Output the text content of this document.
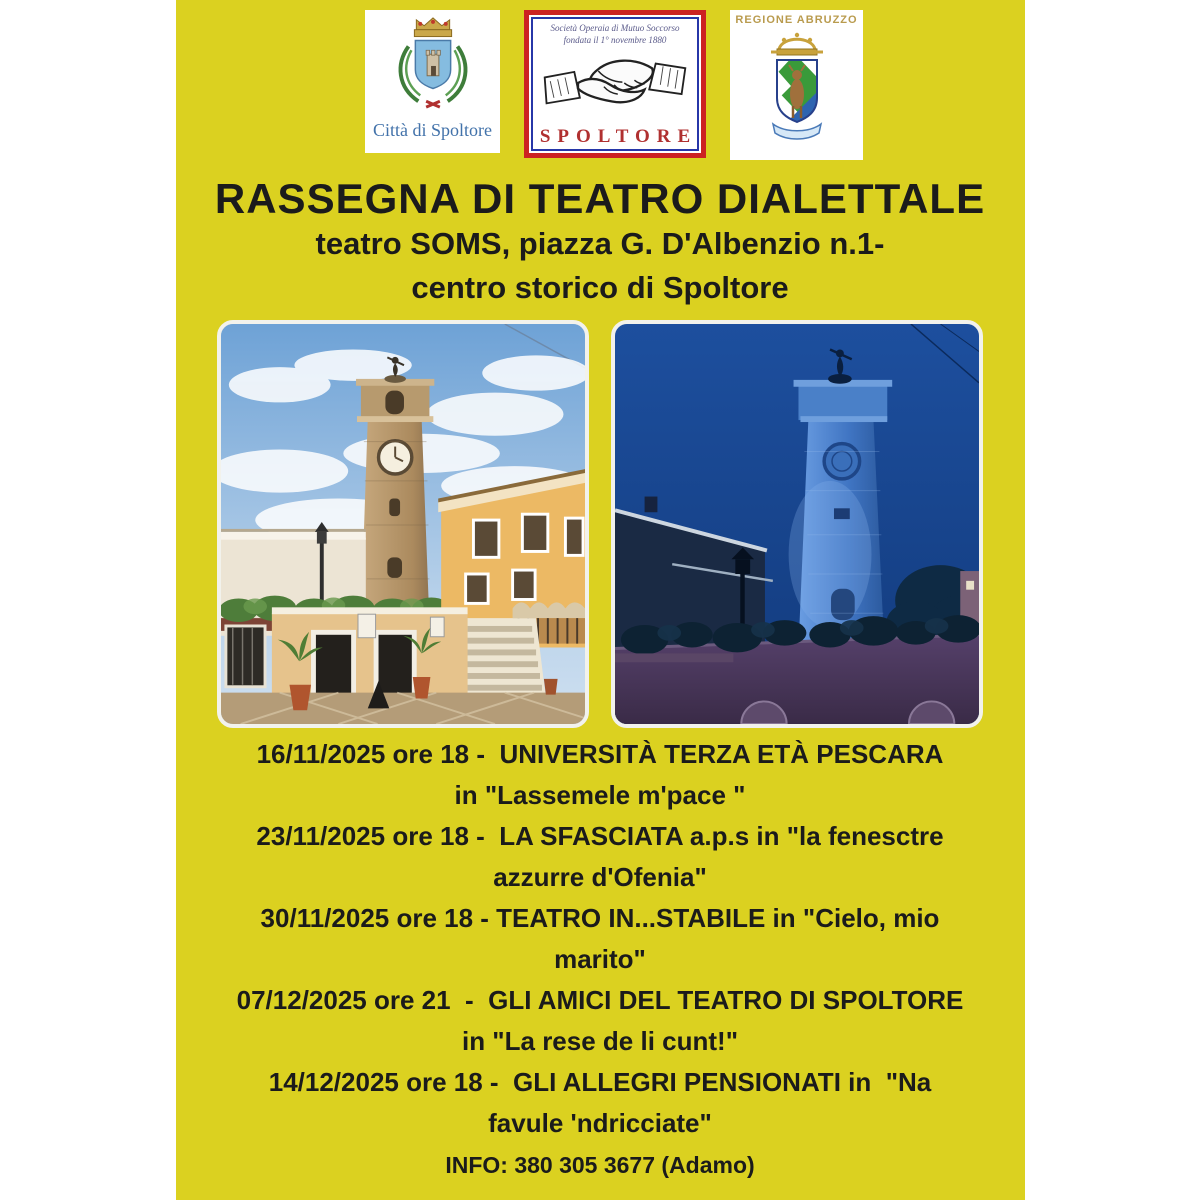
Città di Spoltore
Società Operaia di Mutuo Soccorso
fondata il 1° novembre 1880
SPOLTORE
REGIONE ABRUZZO
RASSEGNA DI TEATRO DIALETTALE
teatro SOMS, piazza G. D'Albenzio n.1-
centro storico di Spoltore
16/11/2025 ore 18 -  UNIVERSITÀ TERZA ETÀ PESCARA
in "Lassemele m'pace "
23/11/2025 ore 18 -  LA SFASCIATA a.p.s in "la fenesctre
azzurre d'Ofenia"
30/11/2025 ore 18 - TEATRO IN...STABILE in "Cielo, mio
marito"
07/12/2025 ore 21  -  GLI AMICI DEL TEATRO DI SPOLTORE
in "La rese de li cunt!"
14/12/2025 ore 18 -  GLI ALLEGRI PENSIONATI in  "Na
favule 'ndricciate"
INFO: 380 305 3677 (Adamo)
